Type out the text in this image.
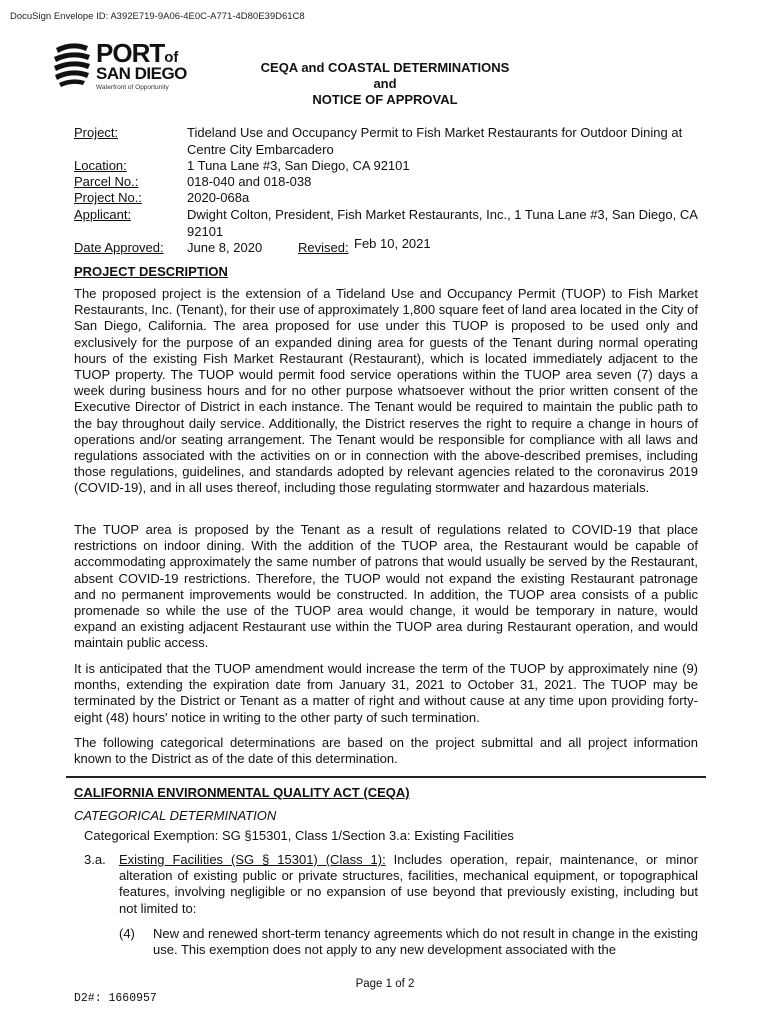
DocuSign Envelope ID: A392E719-9A06-4E0C-A771-4D80E39D61C8
PORTof
SAN DIEGO
Waterfront of Opportunity
CEQA and COASTAL DETERMINATIONS
and
NOTICE OF APPROVAL
Project:	Tideland Use and Occupancy Permit to Fish Market Restaurants for Outdoor Dining at Centre City Embarcadero
Location:	1 Tuna Lane #3, San Diego, CA 92101
Parcel No.:	018-040 and 018-038
Project No.:	2020-068a
Applicant:	Dwight Colton, President, Fish Market Restaurants, Inc., 1 Tuna Lane #3, San Diego, CA 92101
Date Approved: June 8, 2020	Revised: Feb 10, 2021
PROJECT DESCRIPTION
The proposed project is the extension of a Tideland Use and Occupancy Permit (TUOP) to Fish Market Restaurants, Inc. (Tenant), for their use of approximately 1,800 square feet of land area located in the City of San Diego, California. The area proposed for use under this TUOP is proposed to be used only and exclusively for the purpose of an expanded dining area for guests of the Tenant during normal operating hours of the existing Fish Market Restaurant (Restaurant), which is located immediately adjacent to the TUOP property. The TUOP would permit food service operations within the TUOP area seven (7) days a week during business hours and for no other purpose whatsoever without the prior written consent of the Executive Director of District in each instance. The Tenant would be required to maintain the public path to the bay throughout daily service. Additionally, the District reserves the right to require a change in hours of operations and/or seating arrangement. The Tenant would be responsible for compliance with all laws and regulations associated with the activities on or in connection with the above-described premises, including those regulations, guidelines, and standards adopted by relevant agencies related to the coronavirus 2019 (COVID-19), and in all uses thereof, including those regulating stormwater and hazardous materials.
The TUOP area is proposed by the Tenant as a result of regulations related to COVID-19 that place restrictions on indoor dining. With the addition of the TUOP area, the Restaurant would be capable of accommodating approximately the same number of patrons that would usually be served by the Restaurant, absent COVID-19 restrictions. Therefore, the TUOP would not expand the existing Restaurant patronage and no permanent improvements would be constructed. In addition, the TUOP area consists of a public promenade so while the use of the TUOP area would change, it would be temporary in nature, would expand an existing adjacent Restaurant use within the TUOP area during Restaurant operation, and would maintain public access.
It is anticipated that the TUOP amendment would increase the term of the TUOP by approximately nine (9) months, extending the expiration date from January 31, 2021 to October 31, 2021. The TUOP may be terminated by the District or Tenant as a matter of right and without cause at any time upon providing forty-eight (48) hours' notice in writing to the other party of such termination.
The following categorical determinations are based on the project submittal and all project information known to the District as of the date of this determination.
CALIFORNIA ENVIRONMENTAL QUALITY ACT (CEQA)
CATEGORICAL DETERMINATION
Categorical Exemption: SG §15301, Class 1/Section 3.a: Existing Facilities
3.a. Existing Facilities (SG § 15301) (Class 1): Includes operation, repair, maintenance, or minor alteration of existing public or private structures, facilities, mechanical equipment, or topographical features, involving negligible or no expansion of use beyond that previously existing, including but not limited to:
(4) New and renewed short-term tenancy agreements which do not result in change in the existing use. This exemption does not apply to any new development associated with the
Page 1 of 2
D2#: 1660957
